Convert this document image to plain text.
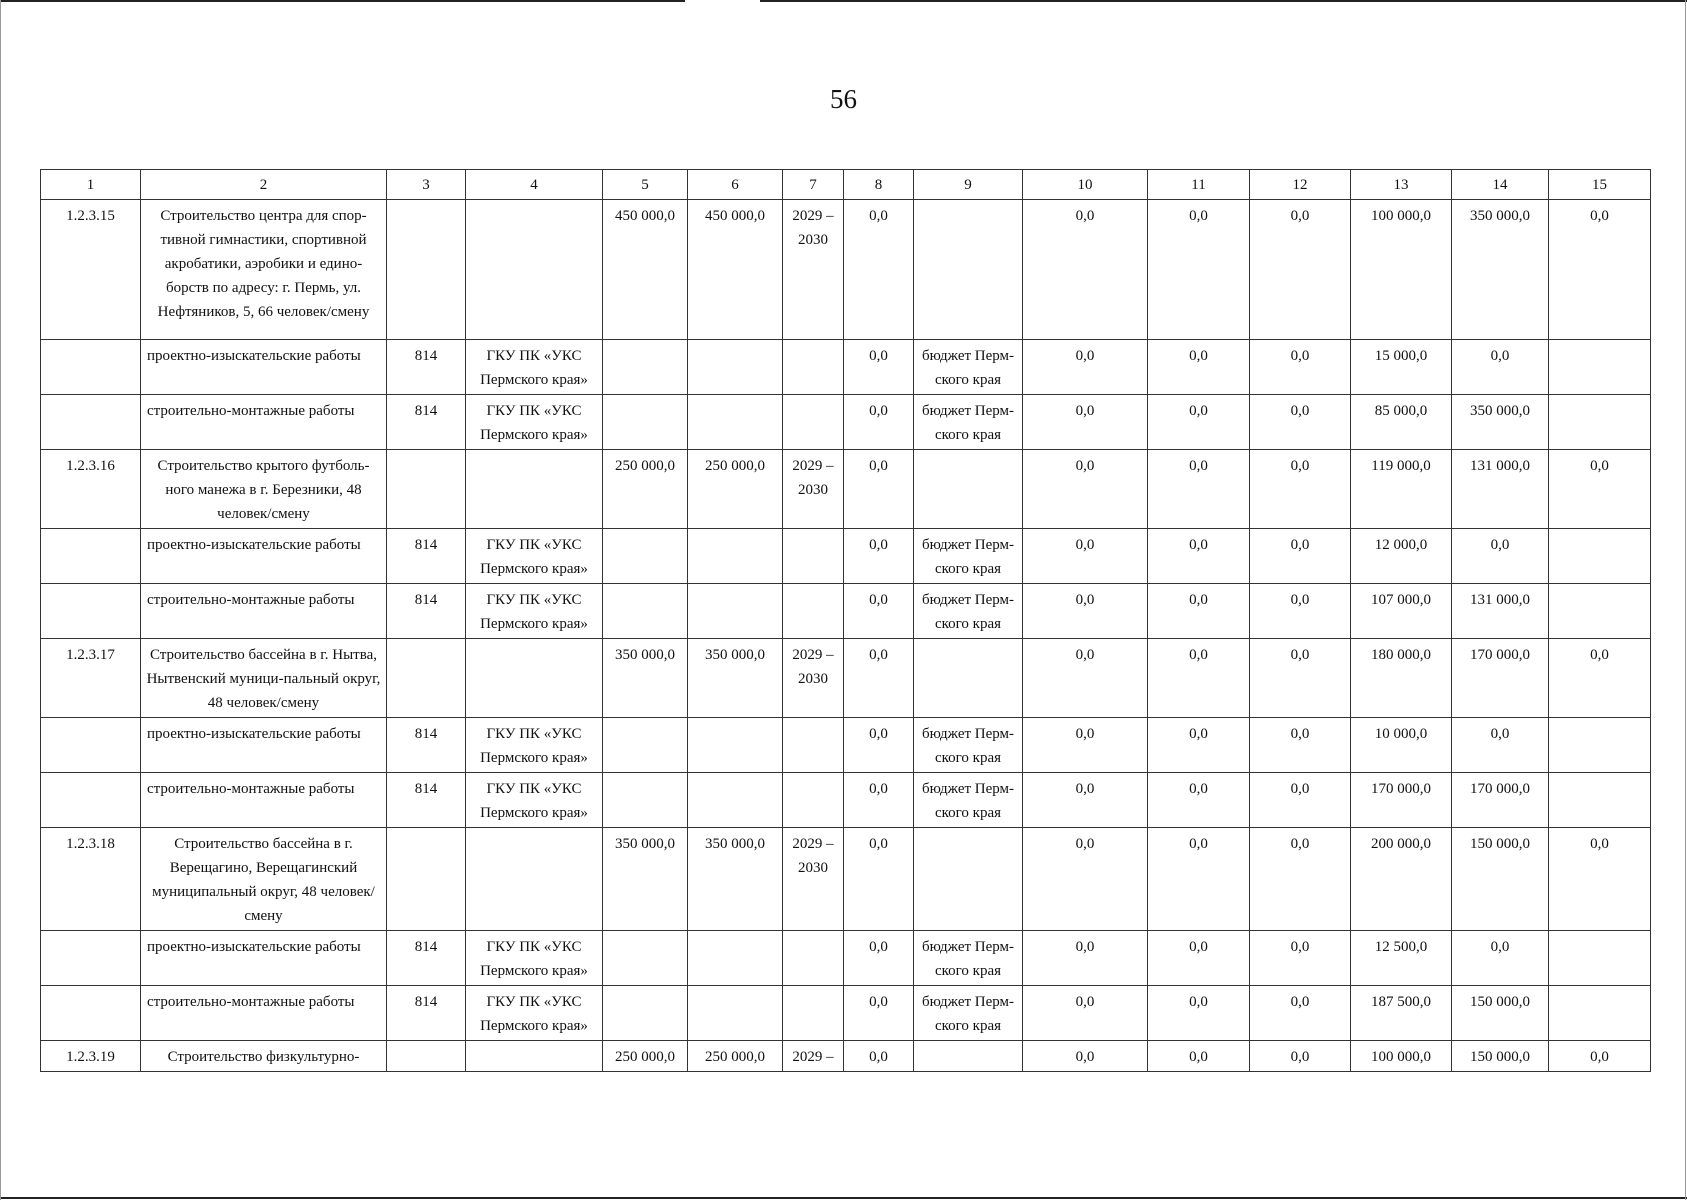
56
1	2	3	4	5	6	7	8	9	10	11	12	13	14	15
1.2.3.15	Строительство центра для спор-тивной гимнастики, спортивной акробатики, аэробики и едино-борств по адресу: г. Пермь, ул. Нефтяников, 5, 66 человек/смену			450 000,0	450 000,0	2029 – 2030	0,0		0,0	0,0	0,0	100 000,0	350 000,0	0,0
	проектно-изыскательские работы	814	ГКУ ПК «УКС Пермского края»				0,0	бюджет Перм-ского края	0,0	0,0	0,0	15 000,0	0,0	
	строительно-монтажные работы	814	ГКУ ПК «УКС Пермского края»				0,0	бюджет Перм-ского края	0,0	0,0	0,0	85 000,0	350 000,0	
1.2.3.16	Строительство крытого футболь-ного манежа в г. Березники, 48 человек/смену			250 000,0	250 000,0	2029 – 2030	0,0		0,0	0,0	0,0	119 000,0	131 000,0	0,0
	проектно-изыскательские работы	814	ГКУ ПК «УКС Пермского края»				0,0	бюджет Перм-ского края	0,0	0,0	0,0	12 000,0	0,0	
	строительно-монтажные работы	814	ГКУ ПК «УКС Пермского края»				0,0	бюджет Перм-ского края	0,0	0,0	0,0	107 000,0	131 000,0	
1.2.3.17	Строительство бассейна в г. Нытва, Нытвенский муници-пальный округ, 48 человек/смену			350 000,0	350 000,0	2029 – 2030	0,0		0,0	0,0	0,0	180 000,0	170 000,0	0,0
	проектно-изыскательские работы	814	ГКУ ПК «УКС Пермского края»				0,0	бюджет Перм-ского края	0,0	0,0	0,0	10 000,0	0,0	
	строительно-монтажные работы	814	ГКУ ПК «УКС Пермского края»				0,0	бюджет Перм-ского края	0,0	0,0	0,0	170 000,0	170 000,0	
1.2.3.18	Строительство бассейна в г. Верещагино, Верещагинский муниципальный округ, 48 человек/смену			350 000,0	350 000,0	2029 – 2030	0,0		0,0	0,0	0,0	200 000,0	150 000,0	0,0
	проектно-изыскательские работы	814	ГКУ ПК «УКС Пермского края»				0,0	бюджет Перм-ского края	0,0	0,0	0,0	12 500,0	0,0	
	строительно-монтажные работы	814	ГКУ ПК «УКС Пермского края»				0,0	бюджет Перм-ского края	0,0	0,0	0,0	187 500,0	150 000,0	
1.2.3.19	Строительство физкультурно-			250 000,0	250 000,0	2029 –	0,0		0,0	0,0	0,0	100 000,0	150 000,0	0,0
